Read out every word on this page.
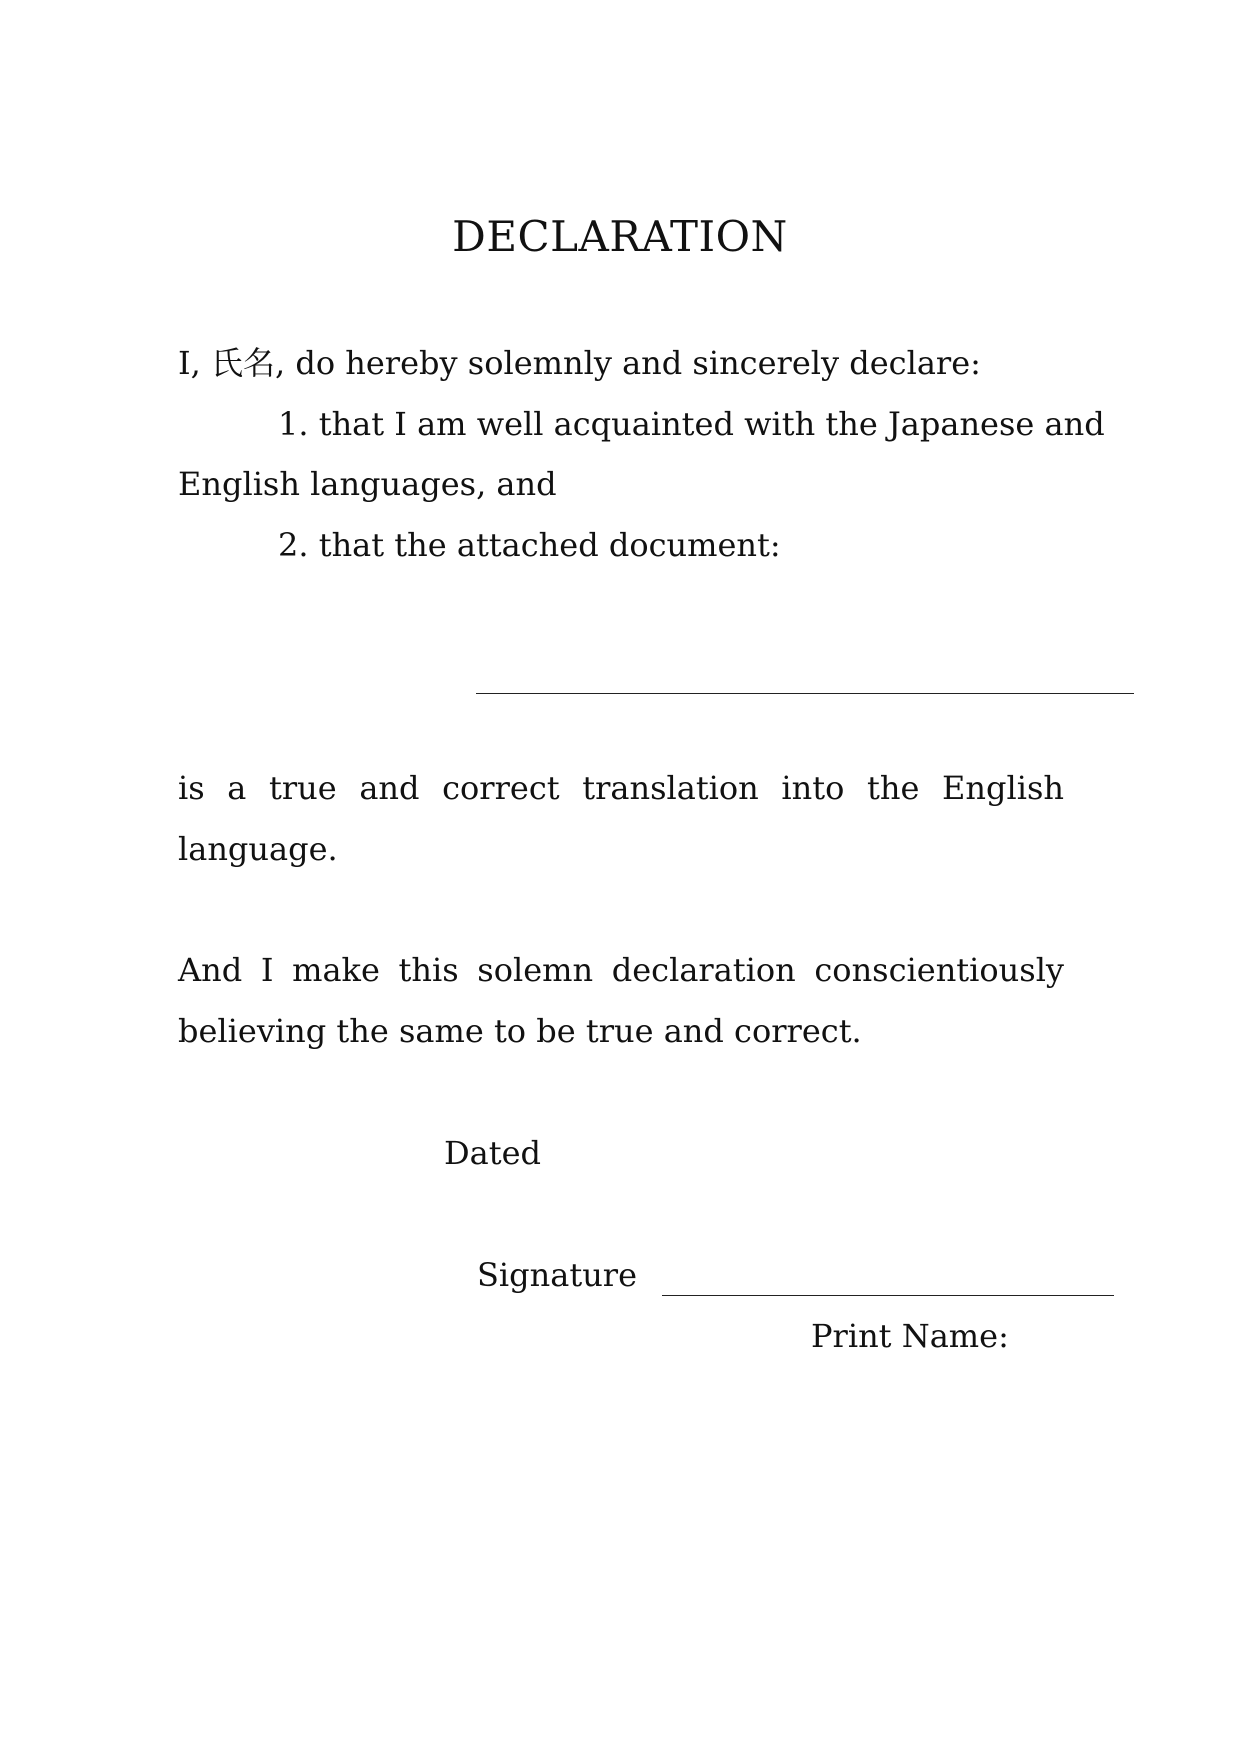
DECLARATION
I, 氏名, do hereby solemnly and sincerely declare:
1. that I am well acquainted with the Japanese and
English languages, and
2. that the attached document:
is a true and correct translation into the English
language.
And I make this solemn declaration conscientiously
believing the same to be true and correct.
Dated
Signature
Print Name:
